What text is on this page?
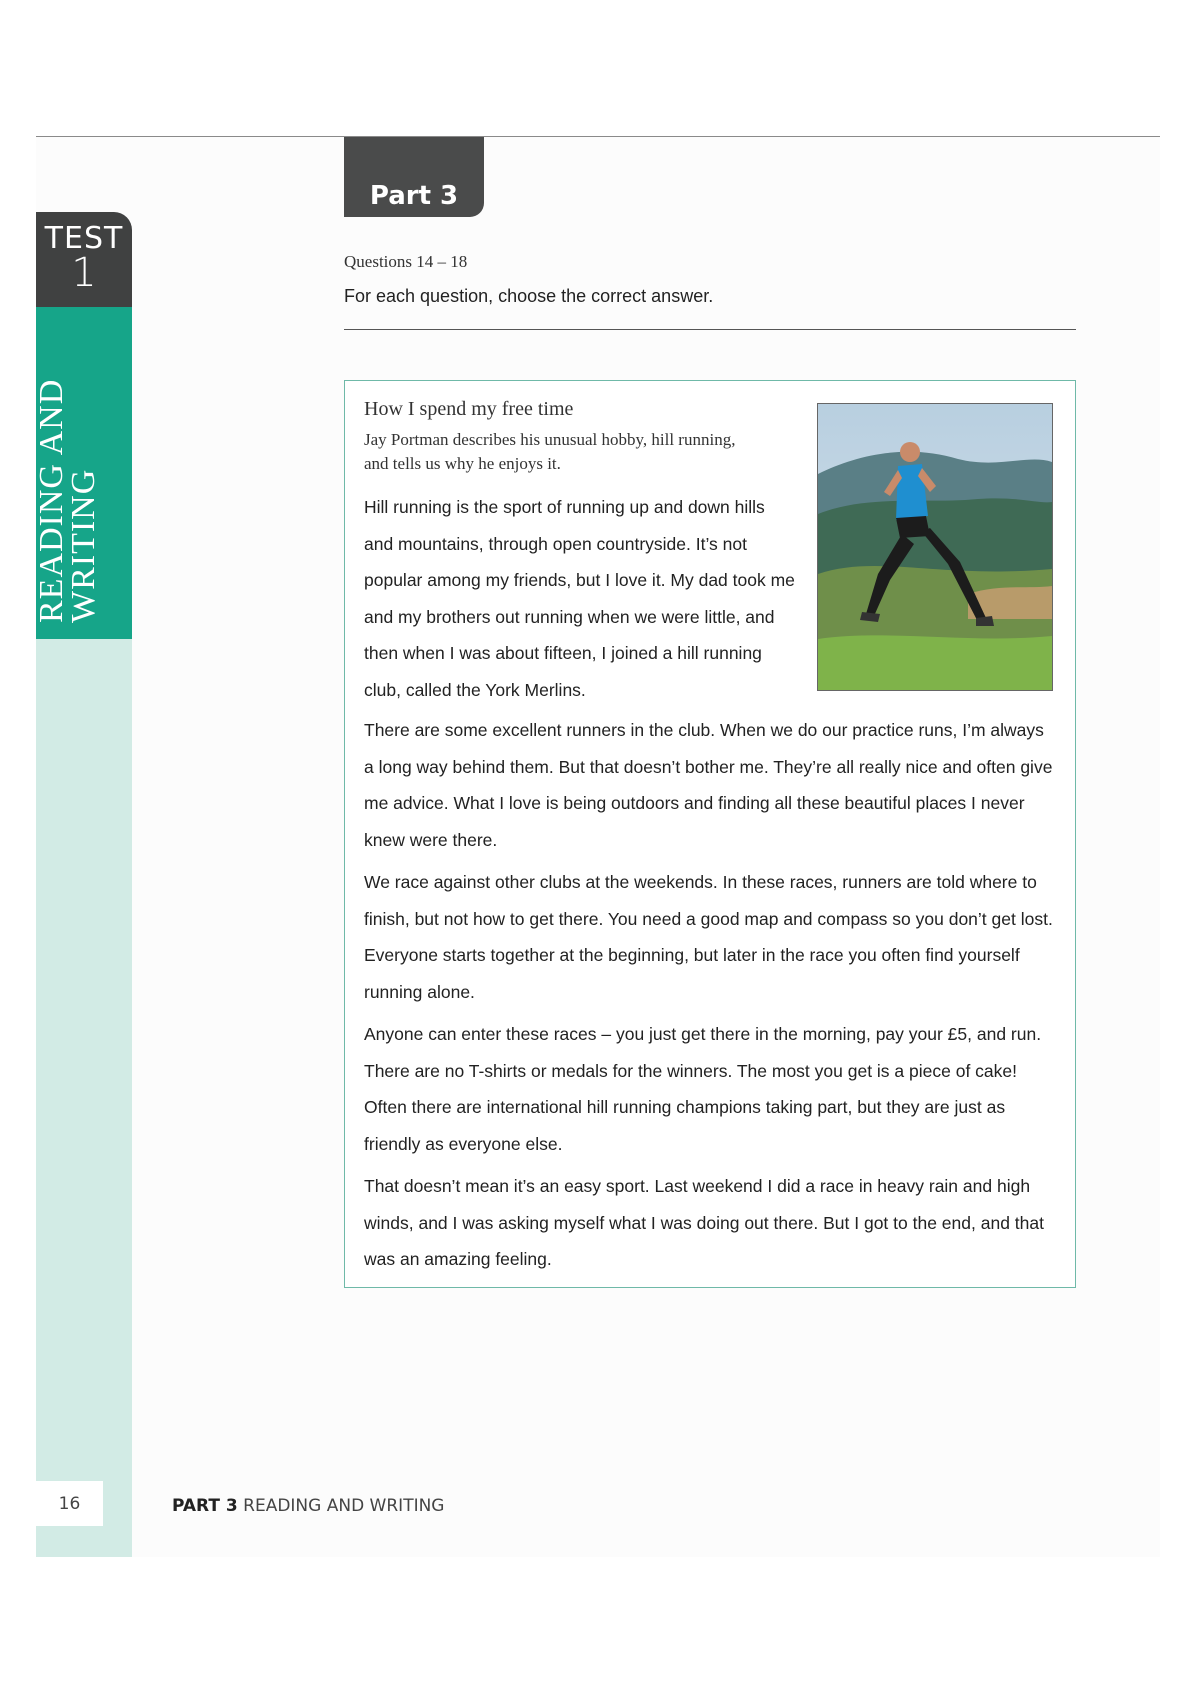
TEST
1
READING AND
WRITING
16
Part 3
Questions 14 – 18
For each question, choose the correct answer.
How I spend my free time
Jay Portman describes his unusual hobby, hill running, and tells us why he enjoys it.

Hill running is the sport of running up and down hills and mountains, through open countryside. It’s not popular among my friends, but I love it. My dad took me and my brothers out running when we were little, and then when I was about fifteen, I joined a hill running club, called the York Merlins.

There are some excellent runners in the club. When we do our practice runs, I’m always a long way behind them. But that doesn’t bother me. They’re all really nice and often give me advice. What I love is being outdoors and finding all these beautiful places I never knew were there.

We race against other clubs at the weekends. In these races, runners are told where to finish, but not how to get there. You need a good map and compass so you don’t get lost. Everyone starts together at the beginning, but later in the race you often find yourself running alone.

Anyone can enter these races – you just get there in the morning, pay your £5, and run. There are no T-shirts or medals for the winners. The most you get is a piece of cake! Often there are international hill running champions taking part, but they are just as friendly as everyone else.

That doesn’t mean it’s an easy sport. Last weekend I did a race in heavy rain and high winds, and I was asking myself what I was doing out there. But I got to the end, and that was an amazing feeling.

PART 3 READING AND WRITING
